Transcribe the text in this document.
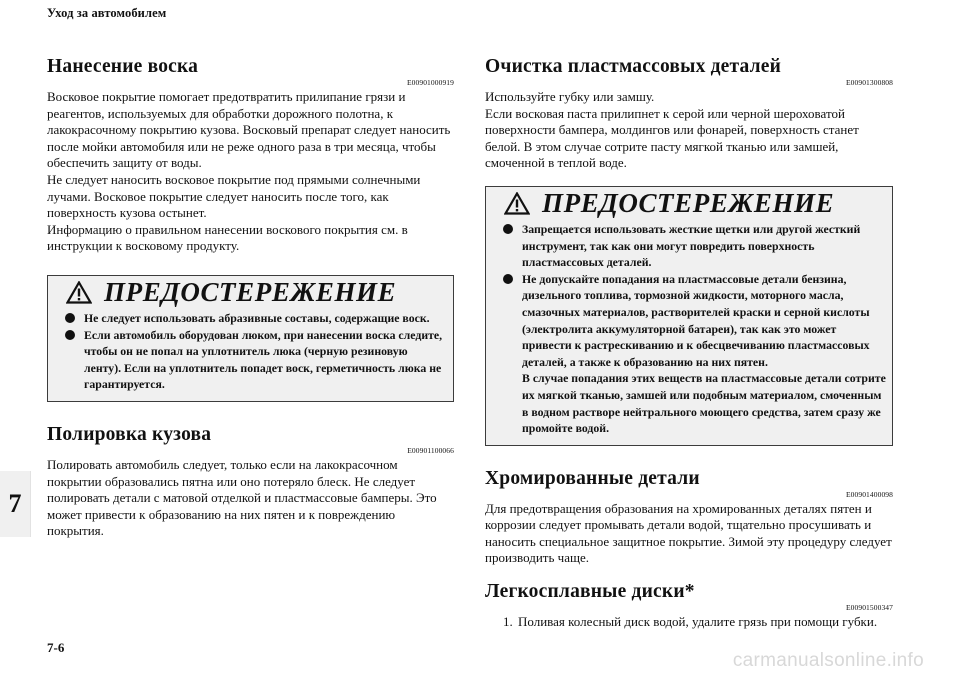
Уход за автомобилем
7
Нанесение воска
E00901000919

Восковое покрытие помогает предотвратить прилипание грязи и реагентов, используемых для обработки дорожного полотна, к лакокрасочному покрытию кузова. Восковый препарат следует наносить после мойки автомобиля или не реже одного раза в три месяца, чтобы обеспечить защиту от воды.

Не следует наносить восковое покрытие под прямыми солнечными лучами. Восковое покрытие следует наносить после того, как поверхность кузова остынет.

Информацию о правильном нанесении воскового покрытия см. в инструкции к восковому продукту.

ПРЕДОСТЕРЕЖЕНИЕ
Не следует использовать абразивные составы, содержащие воск.
Если автомобиль оборудован люком, при нанесении воска следите, чтобы он не попал на уплотнитель люка (черную резиновую ленту). Если на уплотнитель попадет воск, герметичность люка не гарантируется.
Полировка кузова
E00901100066

Полировать автомобиль следует, только если на лакокрасочном покрытии образовались пятна или оно потеряло блеск. Не следует полировать детали с матовой отделкой и пластмассовые бамперы. Это может привести к образованию на них пятен и к повреждению покрытия.

Очистка пластмассовых деталей
E00901300808

Используйте губку или замшу.

Если восковая паста прилипнет к серой или черной шероховатой поверхности бампера, молдингов или фонарей, поверхность станет белой. В этом случае сотрите пасту мягкой тканью или замшей, смоченной в теплой воде.

ПРЕДОСТЕРЕЖЕНИЕ
Запрещается использовать жесткие щетки или другой жесткий инструмент, так как они могут повредить поверхность пластмассовых деталей.
Не допускайте попадания на пластмассовые детали бензина, дизельного топлива, тормозной жидкости, моторного масла, смазочных материалов, растворителей краски и серной кислоты (электролита аккумуляторной батареи), так как это может привести к растрескиванию и к обесцвечиванию пластмассовых деталей, а также к образованию на них пятен.
В случае попадания этих веществ на пластмассовые детали сотрите их мягкой тканью, замшей или подобным материалом, смоченным в водном растворе нейтрального моющего средства, затем сразу же промойте водой.
Хромированные детали
E00901400098

Для предотвращения образования на хромированных деталях пятен и коррозии следует промывать детали водой, тщательно просушивать и наносить специальное защитное покрытие. Зимой эту процедуру следует производить чаще.

Легкосплавные диски*
E00901500347
1. Поливая колесный диск водой, удалите грязь при помощи губки.
7-6
carmanualsonline.info
